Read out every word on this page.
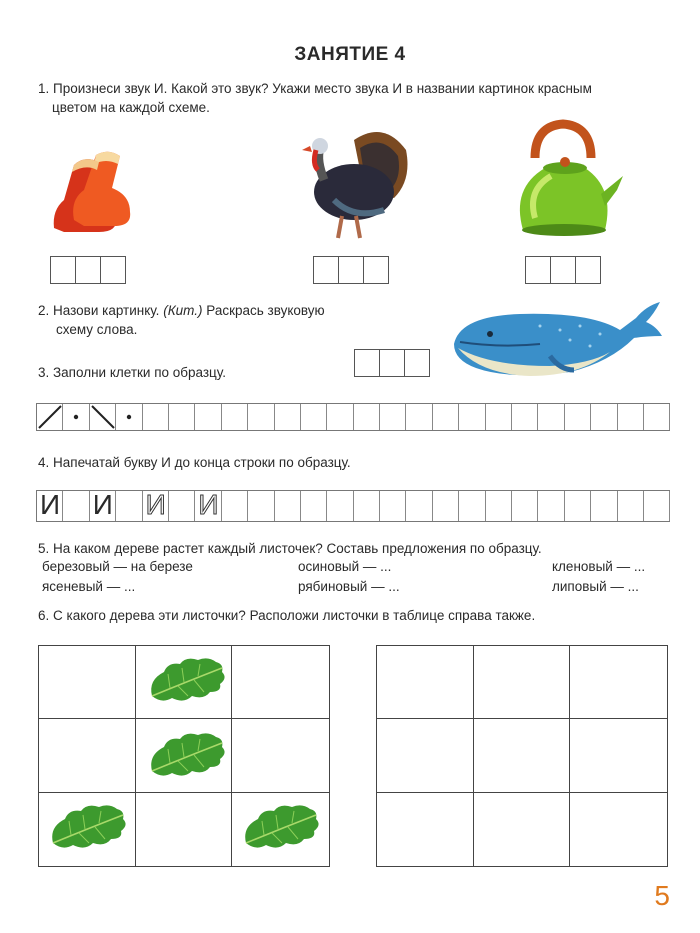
ЗАНЯТИЕ 4
1. Произнеси звук И. Какой это звук? Укажи место звука И в названии картинок красным
цветом на каждой схеме.
2. Назови картинку. (Кит.) Раскрась звуковую
схему слова.
3. Заполни клетки по образцу.
4. Напечатай букву И до конца строки по образцу.
И И И И
5. На каком дереве растет каждый листочек? Составь предложения по образцу.
березовый — на березе	осиновый — ...	кленовый — ...
ясеневый — ...	рябиновый — ...	липовый — ...
6. С какого дерева эти листочки? Расположи листочки в таблице справа также.
5
